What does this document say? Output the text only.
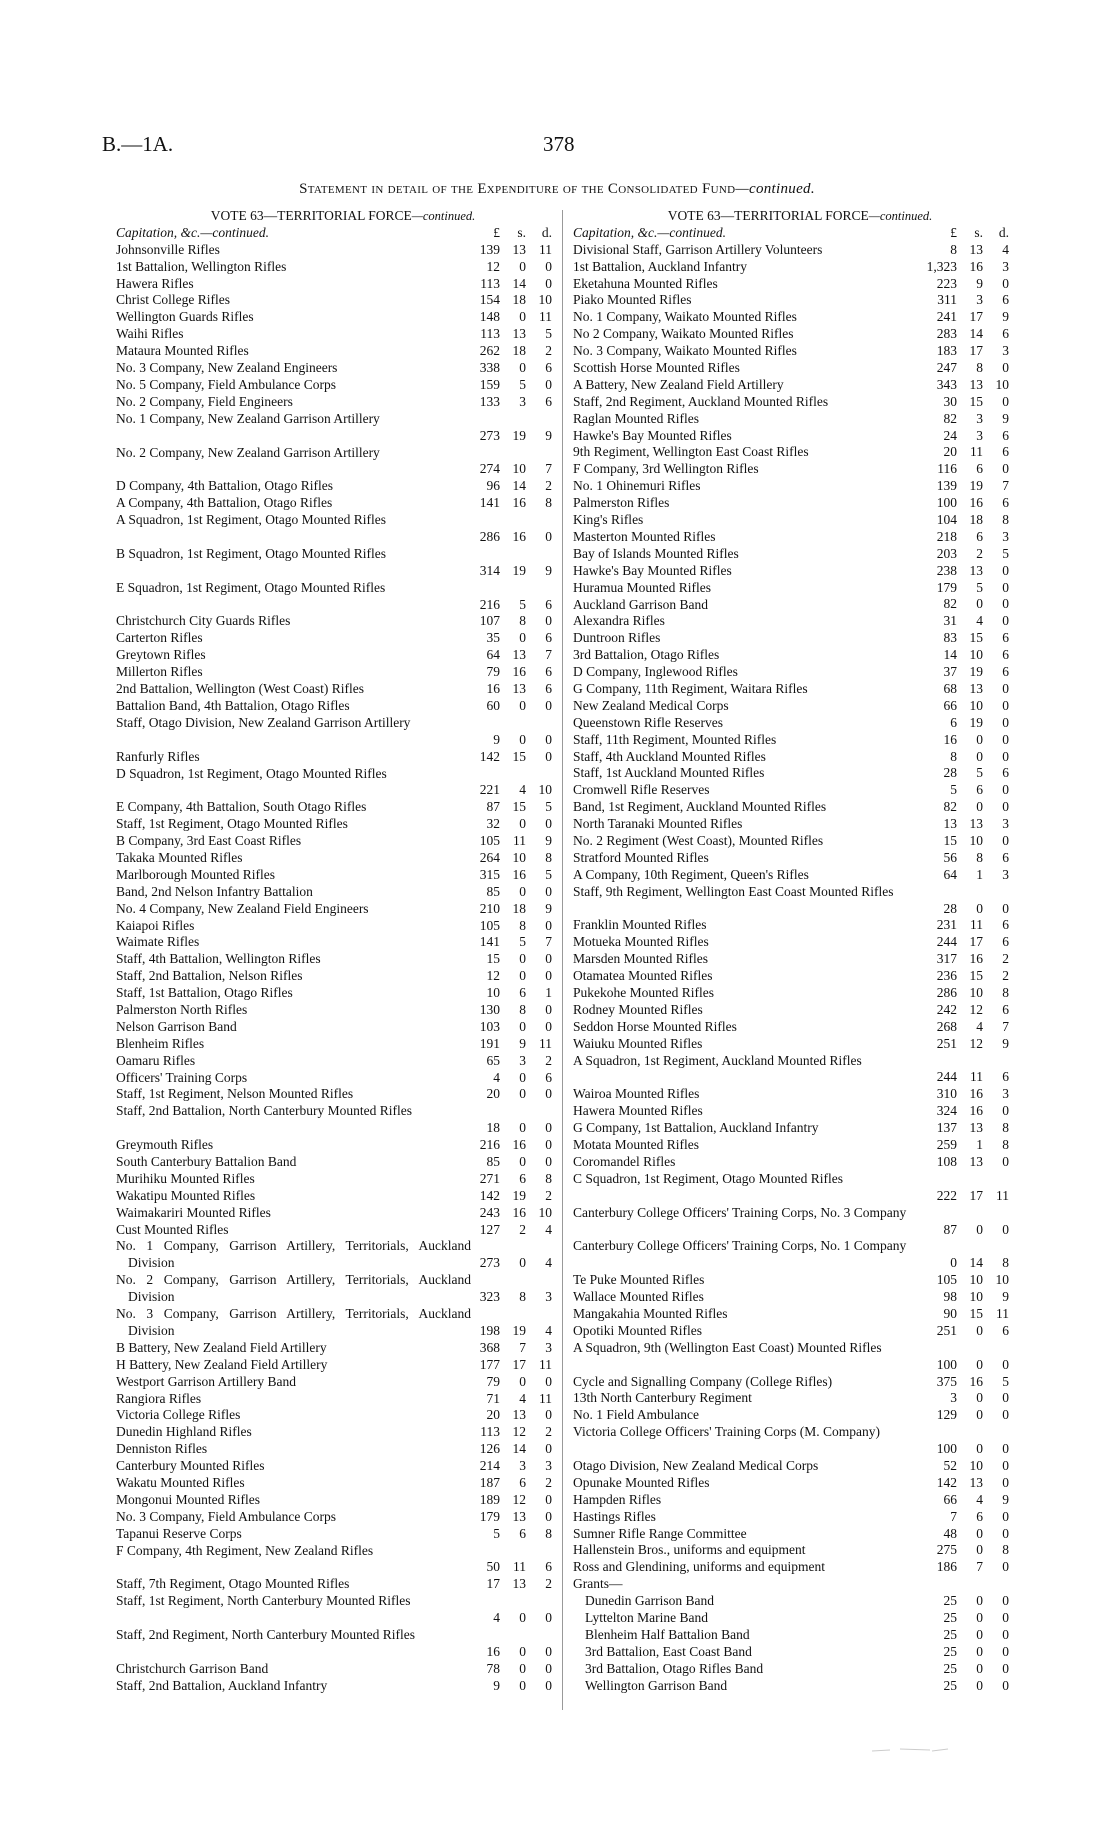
B.—1A.	378
Statement in detail of the Expenditure of the Consolidated Fund—continued.
VOTE 63—TERRITORIAL FORCE—continued.
Capitation, &c.—continued.	£	s.	d.
Johnsonville Rifles	139 13 11
1st Battalion, Wellington Rifles	12	0	0
Hawera Rifles	113 14	0
Christ College Rifles	154 18 10
Wellington Guards Rifles	148	0 11
Waihi Rifles	113 13	5
Mataura Mounted Rifles	262 18	2
No. 3 Company, New Zealand Engineers	338	0	6
No. 5 Company, Field Ambulance Corps	159	5	0
No. 2 Company, Field Engineers	133	3	6
No. 1 Company, New Zealand Garrison Artillery
273 19	9
No. 2 Company, New Zealand Garrison Artillery
274 10	7
D Company, 4th Battalion, Otago Rifles	96 14	2
A Company, 4th Battalion, Otago Rifles	141 16	8
A Squadron, 1st Regiment, Otago Mounted Rifles
286 16	0
B Squadron, 1st Regiment, Otago Mounted Rifles
314 19	9
E Squadron, 1st Regiment, Otago Mounted Rifles
216	5	6
Christchurch City Guards Rifles	107	8	0
Carterton Rifles	35	0	6
Greytown Rifles	64 13	7
Millerton Rifles	79 16	6
2nd Battalion, Wellington (West Coast) Rifles	16 13	6
Battalion Band, 4th Battalion, Otago Rifles	60	0	0
Staff, Otago Division, New Zealand Garrison Artillery
9	0	0
Ranfurly Rifles	142 15	0
D Squadron, 1st Regiment, Otago Mounted Rifles
221	4 10
E Company, 4th Battalion, South Otago Rifles	87 15	5
Staff, 1st Regiment, Otago Mounted Rifles	32	0	0
B Company, 3rd East Coast Rifles	105 11	9
Takaka Mounted Rifles	264 10	8
Marlborough Mounted Rifles	315 16	5
Band, 2nd Nelson Infantry Battalion	85	0	0
No. 4 Company, New Zealand Field Engineers	210 18	9
Kaiapoi Rifles	105	8	0
Waimate Rifles	141	5	7
Staff, 4th Battalion, Wellington Rifles	15	0	0
Staff, 2nd Battalion, Nelson Rifles	12	0	0
Staff, 1st Battalion, Otago Rifles	10	6	1
Palmerston North Rifles	130	8	0
Nelson Garrison Band	103	0	0
Blenheim Rifles	191	9 11
Oamaru Rifles	65	3	2
Officers' Training Corps	4	0	6
Staff, 1st Regiment, Nelson Mounted Rifles	20	0	0
Staff, 2nd Battalion, North Canterbury Mounted Rifles
18	0	0
Greymouth Rifles	216 16	0
South Canterbury Battalion Band	85	0	0
Murihiku Mounted Rifles	271	6	8
Wakatipu Mounted Rifles	142 19	2
Waimakariri Mounted Rifles	243 16 10
Cust Mounted Rifles	127	2	4
No. 1 Company, Garrison Artillery, Territorials, Auckland Division	273	0	4
No. 2 Company, Garrison Artillery, Territorials, Auckland Division	323	8	3
No. 3 Company, Garrison Artillery, Territorials, Auckland Division	198 19	4
B Battery, New Zealand Field Artillery	368	7	3
H Battery, New Zealand Field Artillery	177 17 11
Westport Garrison Artillery Band	79	0	0
Rangiora Rifles	71	4 11
Victoria College Rifles	20 13	0
Dunedin Highland Rifles	113 12	2
Denniston Rifles	126 14	0
Canterbury Mounted Rifles	214	3	3
Wakatu Mounted Rifles	187	6	2
Mongonui Mounted Rifles	189 12	0
No. 3 Company, Field Ambulance Corps	179 13	0
Tapanui Reserve Corps	5	6	8
F Company, 4th Regiment, New Zealand Rifles
50 11	6
Staff, 7th Regiment, Otago Mounted Rifles	17 13	2
Staff, 1st Regiment, North Canterbury Mounted Rifles
4	0	0
Staff, 2nd Regiment, North Canterbury Mounted Rifles
16	0	0
Christchurch Garrison Band	78	0	0
Staff, 2nd Battalion, Auckland Infantry	9	0	0
VOTE 63—TERRITORIAL FORCE—continued.
Capitation, &c.—continued.	£	s.	d.
Divisional Staff, Garrison Artillery Volunteers	8 13	4
1st Battalion, Auckland Infantry	1,323 16	3
Eketahuna Mounted Rifles	223	9	0
Piako Mounted Rifles	311	3	6
No. 1 Company, Waikato Mounted Rifles	241 17	9
No 2 Company, Waikato Mounted Rifles	283 14	6
No. 3 Company, Waikato Mounted Rifles	183 17	3
Scottish Horse Mounted Rifles	247	8	0
A Battery, New Zealand Field Artillery	343 13 10
Staff, 2nd Regiment, Auckland Mounted Rifles	30 15	0
Raglan Mounted Rifles	82	3	9
Hawke's Bay Mounted Rifles	24	3	6
9th Regiment, Wellington East Coast Rifles	20 11	6
F Company, 3rd Wellington Rifles	116	6	0
No. 1 Ohinemuri Rifles	139 19	7
Palmerston Rifles	100 16	6
King's Rifles	104 18	8
Masterton Mounted Rifles	218	6	3
Bay of Islands Mounted Rifles	203	2	5
Hawke's Bay Mounted Rifles	238 13	0
Huramua Mounted Rifles	179	5	0
Auckland Garrison Band	82	0	0
Alexandra Rifles	31	4	0
Duntroon Rifles	83 15	6
3rd Battalion, Otago Rifles	14 10	6
D Company, Inglewood Rifles	37 19	6
G Company, 11th Regiment, Waitara Rifles	68 13	0
New Zealand Medical Corps	66 10	0
Queenstown Rifle Reserves	6 19	0
Staff, 11th Regiment, Mounted Rifles	16	0	0
Staff, 4th Auckland Mounted Rifles	8	0	0
Staff, 1st Auckland Mounted Rifles	28	5	6
Cromwell Rifle Reserves	5	6	0
Band, 1st Regiment, Auckland Mounted Rifles	82	0	0
North Taranaki Mounted Rifles	13 13	3
No. 2 Regiment (West Coast), Mounted Rifles	15 10	0
Stratford Mounted Rifles	56	8	6
A Company, 10th Regiment, Queen's Rifles	64	1	3
Staff, 9th Regiment, Wellington East Coast Mounted Rifles
28	0	0
Franklin Mounted Rifles	231 11	6
Motueka Mounted Rifles	244 17	6
Marsden Mounted Rifles	317 16	2
Otamatea Mounted Rifles	236 15	2
Pukekohe Mounted Rifles	286 10	8
Rodney Mounted Rifles	242 12	6
Seddon Horse Mounted Rifles	268	4	7
Waiuku Mounted Rifles	251 12	9
A Squadron, 1st Regiment, Auckland Mounted Rifles
244 11	6
Wairoa Mounted Rifles	310 16	3
Hawera Mounted Rifles	324 16	0
G Company, 1st Battalion, Auckland Infantry	137 13	8
Motata Mounted Rifles	259	1	8
Coromandel Rifles	108 13	0
C Squadron, 1st Regiment, Otago Mounted Rifles
222 17 11
Canterbury College Officers' Training Corps, No. 3 Company
87	0	0
Canterbury College Officers' Training Corps, No. 1 Company
0 14	8
Te Puke Mounted Rifles	105 10 10
Wallace Mounted Rifles	98 10	9
Mangakahia Mounted Rifles	90 15 11
Opotiki Mounted Rifles	251	0	6
A Squadron, 9th (Wellington East Coast) Mounted Rifles
100	0	0
Cycle and Signalling Company (College Rifles)	375 16	5
13th North Canterbury Regiment	3	0	0
No. 1 Field Ambulance	129	0	0
Victoria College Officers' Training Corps (M. Company)
100	0	0
Otago Division, New Zealand Medical Corps	52 10	0
Opunake Mounted Rifles	142 13	0
Hampden Rifles	66	4	9
Hastings Rifles	7	6	0
Sumner Rifle Range Committee	48	0	0
Hallenstein Bros., uniforms and equipment	275	0	8
Ross and Glendining, uniforms and equipment	186	7	0
Grants—
Dunedin Garrison Band	25	0	0
Lyttelton Marine Band	25	0	0
Blenheim Half Battalion Band	25	0	0
3rd Battalion, East Coast Band	25	0	0
3rd Battalion, Otago Rifles Band	25	0	0
Wellington Garrison Band	25	0	0
